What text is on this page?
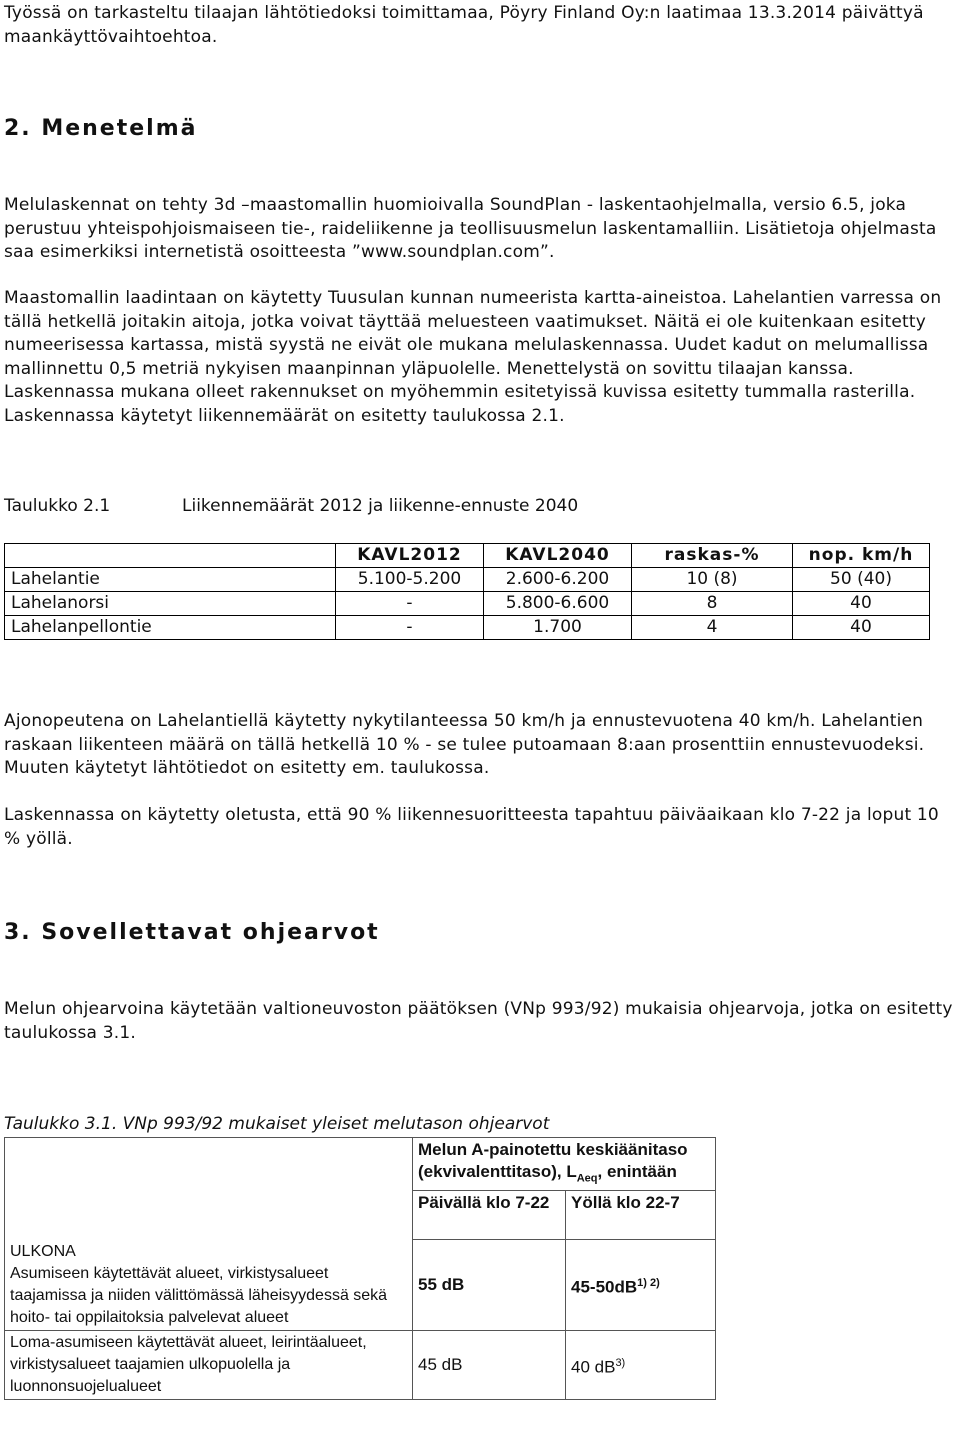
Työssä on tarkasteltu tilaajan lähtötiedoksi toimittamaa, Pöyry Finland Oy:n laatimaa 13.3.2014 päivättyä maankäyttövaihtoehtoa.

2. Menetelmä

Melulaskennat on tehty 3d –maastomallin huomioivalla SoundPlan - laskentaohjelmalla, versio 6.5, joka perustuu yhteispohjoismaiseen tie-, raideliikenne ja teollisuusmelun laskentamalliin. Lisätietoja ohjelmasta saa esimerkiksi internetistä osoitteesta ”www.soundplan.com”.

Maastomallin laadintaan on käytetty Tuusulan kunnan numeerista kartta-aineistoa. Lahelantien varressa on tällä hetkellä joitakin aitoja, jotka voivat täyttää meluesteen vaatimukset. Näitä ei ole kuitenkaan esitetty numeerisessa kartassa, mistä syystä ne eivät ole mukana melulaskennassa. Uudet kadut on melumallissa mallinnettu 0,5 metriä nykyisen maanpinnan yläpuolelle. Menettelystä on sovittu tilaajan kanssa. Laskennassa mukana olleet rakennukset on myöhemmin esitetyissä kuvissa esitetty tummalla rasterilla. Laskennassa käytetyt liikennemäärät on esitetty taulukossa 2.1.

Taulukko 2.1	Liikennemäärät 2012 ja liikenne-ennuste 2040
	KAVL2012	KAVL2040	raskas-%	nop. km/h
Lahelantie	5.100-5.200	2.600-6.200	10 (8)	50 (40)
Lahelanorsi	-	5.800-6.600	8	40
Lahelanpellontie	-	1.700	4	40

Ajonopeutena on Lahelantiellä käytetty nykytilanteessa 50 km/h ja ennustevuotena 40 km/h. Lahelantien raskaan liikenteen määrä on tällä hetkellä 10 % - se tulee putoamaan 8:aan prosenttiin ennustevuodeksi. Muuten käytetyt lähtötiedot on esitetty em. taulukossa.

Laskennassa on käytetty oletusta, että 90 % liikennesuoritteesta tapahtuu päiväaikaan klo 7-22 ja loput 10 % yöllä.

3. Sovellettavat ohjearvot

Melun ohjearvoina käytetään valtioneuvoston päätöksen (VNp 993/92) mukaisia ohjearvoja, jotka on esitetty taulukossa 3.1.

Taulukko 3.1. VNp 993/92 mukaiset yleiset melutason ohjearvot
	Melun A-painotettu keskiäänitaso (ekvivalenttitaso), $L_{Aeq}$, enintään	
	Päivällä klo 7-22	Yöllä klo 22-7

ULKONA
Asumiseen käytettävät alueet, virkistysalueet taajamissa ja niiden välittömässä läheisyydessä sekä hoito- tai oppilaitoksia palvelevat alueet	55 dB	$45-50dB^{1) 2)}$
Loma-asumiseen käytettävät alueet, leirintäalueet, virkistysalueet taajamien ulkopuolella ja luonnonsuojelualueet	45 dB	40 $dB^{3)}$
